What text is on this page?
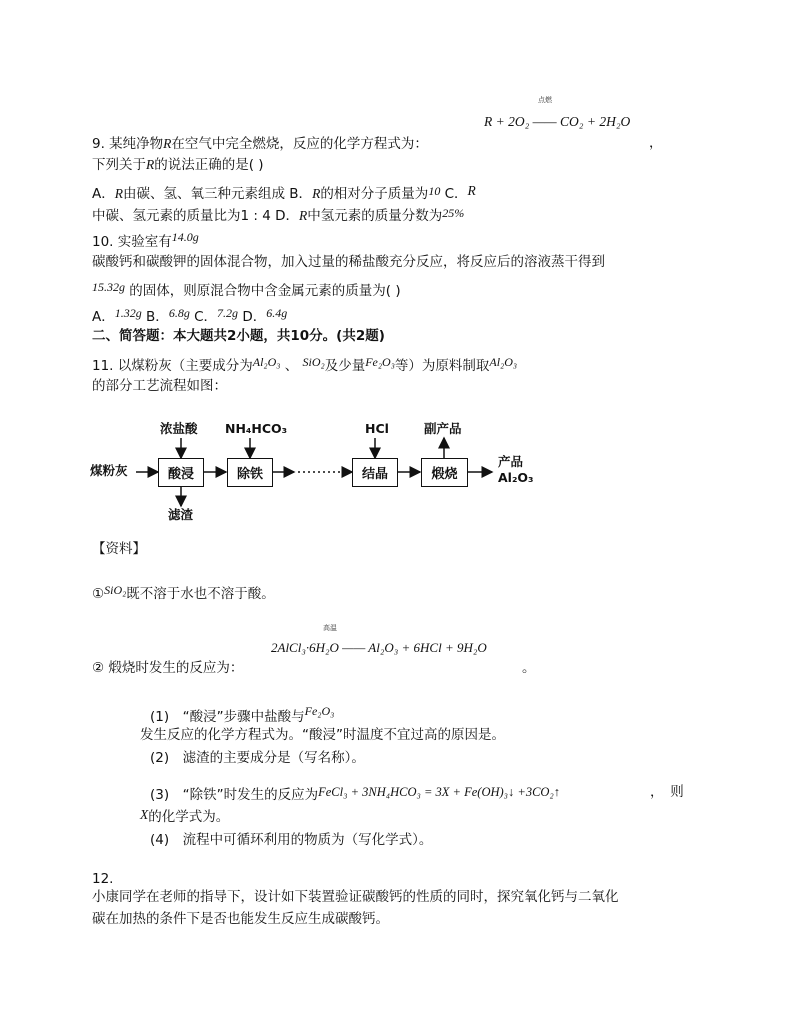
点燃
R + 2O₂ —— CO₂ + 2H₂O
9. 某纯净物R在空气中完全燃烧，反应的化学方程式为：	，
下列关于R的说法正确的是( )
A．R由碳、氢、氧三种元素组成 B．R的相对分子质量为10 C．R
中碳、氢元素的质量比为1 : 4 D．R中氢元素的质量分数为25%
10. 实验室有14.0g
碳酸钙和碳酸钾的固体混合物，加入过量的稀盐酸充分反应，将反应后的溶液蒸干得到
15.32g 的固体，则原混合物中含金属元素的质量为( )
A．1.32g B．6.8g C．7.2g D．6.4g
二、简答题：本大题共2小题，共10分。(共2题)
11. 以煤粉灰（主要成分为Al₂O₃ 、 SiO₂及少量Fe₂O₃等）为原料制取Al₂O₃
的部分工艺流程如图：
煤粉灰
浓盐酸 NH₄HCO₃	HCl	副产品
酸浸	除铁	结晶	煅烧
滤渣
产品
Al₂O₃
【资料】
①SiO₂既不溶于水也不溶于酸。
高温
2AlCl₃·6H₂O —— Al₂O₃ + 6HCl + 9H₂O
② 煅烧时发生的反应为：	。
(1)　“酸浸”步骤中盐酸与Fe₂O₃
发生反应的化学方程式为。“酸浸”时温度不宜过高的原因是。
(2)　滤渣的主要成分是（写名称）。
(3)　“除铁”时发生的反应为FeCl₃ + 3NH₄HCO₃ = 3X + Fe(OH)₃↓ +3CO₂↑	，　则
X的化学式为。
(4)　流程中可循环利用的物质为（写化学式）。
12.
小康同学在老师的指导下，设计如下装置验证碳酸钙的性质的同时，探究氧化钙与二氧化
碳在加热的条件下是否也能发生反应生成碳酸钙。
